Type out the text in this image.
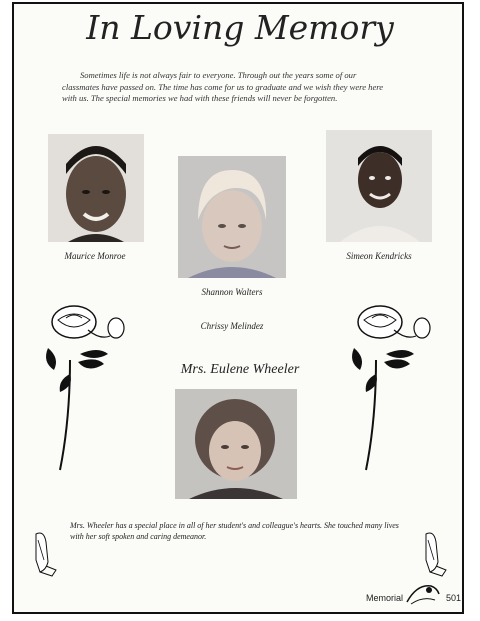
In Loving Memory
Sometimes life is not always fair to everyone. Through out the years some of our classmates have passed on. The time has come for us to graduate and we wish they were here with us. The special memories we had with these friends will never be forgotten.
Maurice Monroe
Shannon Walters
Simeon Kendricks
Chrissy Melindez
Mrs. Eulene Wheeler
Mrs. Wheeler has a special place in all of her student's and colleague's hearts. She touched many lives with her soft spoken and caring demeanor.
Memorial	501
